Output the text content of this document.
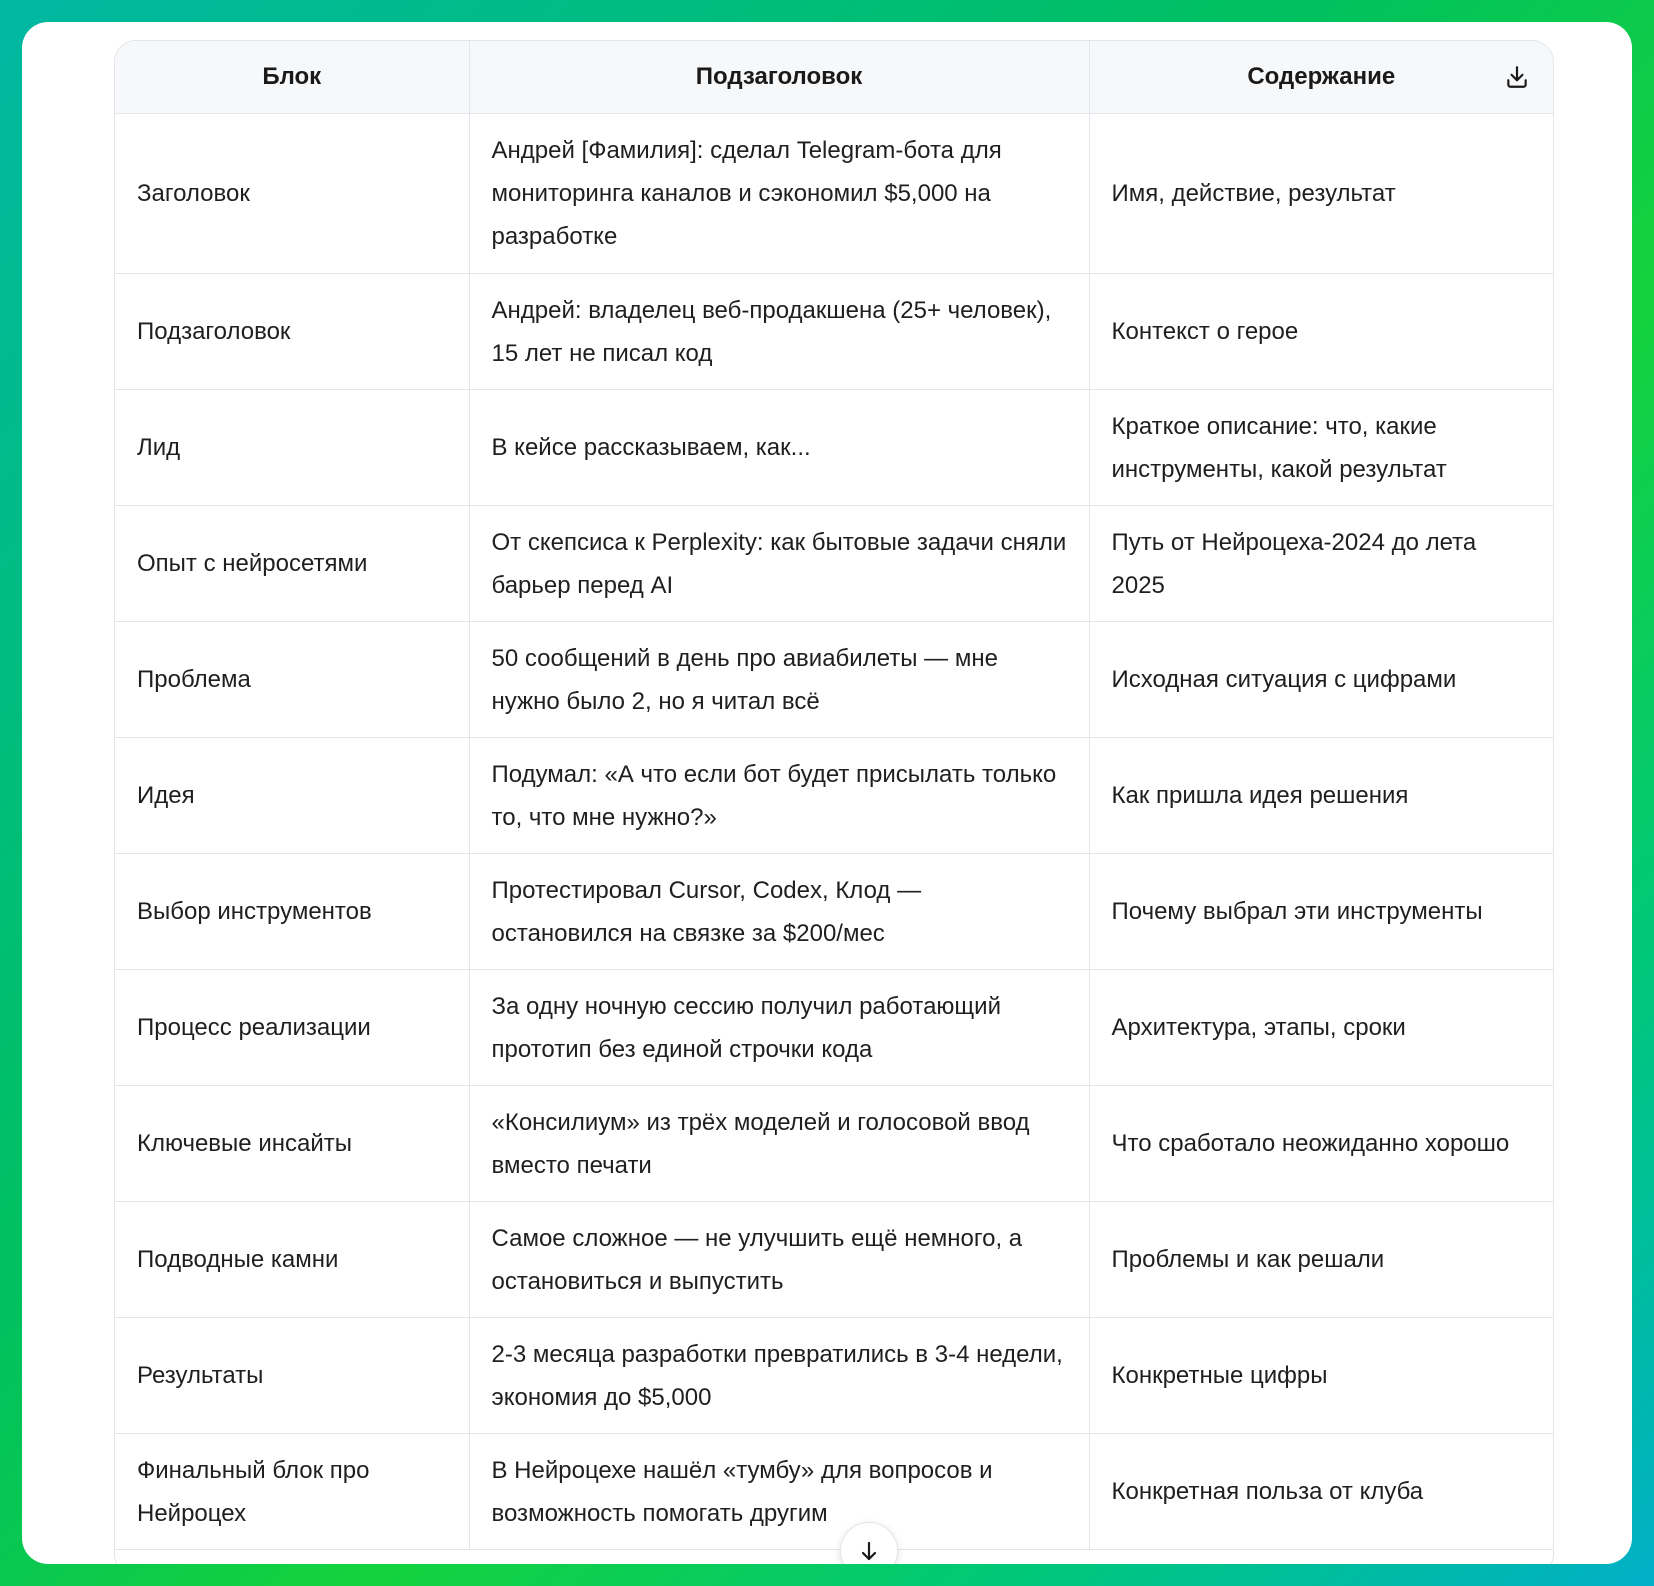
Блок	Подзаголовок	Содержание

Заголовок	Андрей [Фамилия]: сделал Telegram-бота для мониторинга каналов и сэкономил $5,000 на разработке	Имя, действие, результат
Подзаголовок	Андрей: владелец веб-продакшена (25+ человек), 15 лет не писал код	Контекст о герое
Лид	В кейсе рассказываем, как...	Краткое описание: что, какие инструменты, какой результат
Опыт с нейросетями	От скепсиса к Perplexity: как бытовые задачи сняли барьер перед AI	Путь от Нейроцеха-2024 до лета 2025
Проблема	50 сообщений в день про авиабилеты — мне нужно было 2, но я читал всё	Исходная ситуация с цифрами
Идея	Подумал: «А что если бот будет присылать только то, что мне нужно?»	Как пришла идея решения
Выбор инструментов	Протестировал Cursor, Codex, Клод — остановился на связке за $200/мес	Почему выбрал эти инструменты
Процесс реализации	За одну ночную сессию получил работающий прототип без единой строчки кода	Архитектура, этапы, сроки
Ключевые инсайты	«Консилиум» из трёх моделей и голосовой ввод вместо печати	Что сработало неожиданно хорошо
Подводные камни	Самое сложное — не улучшить ещё немного, а остановиться и выпустить	Проблемы и как решали
Результаты	2-3 месяца разработки превратились в 3-4 недели, экономия до $5,000	Конкретные цифры
Финальный блок про Нейроцех	В Нейроцехе нашёл «тумбу» для вопросов и возможность помогать другим	Конкретная польза от клуба
